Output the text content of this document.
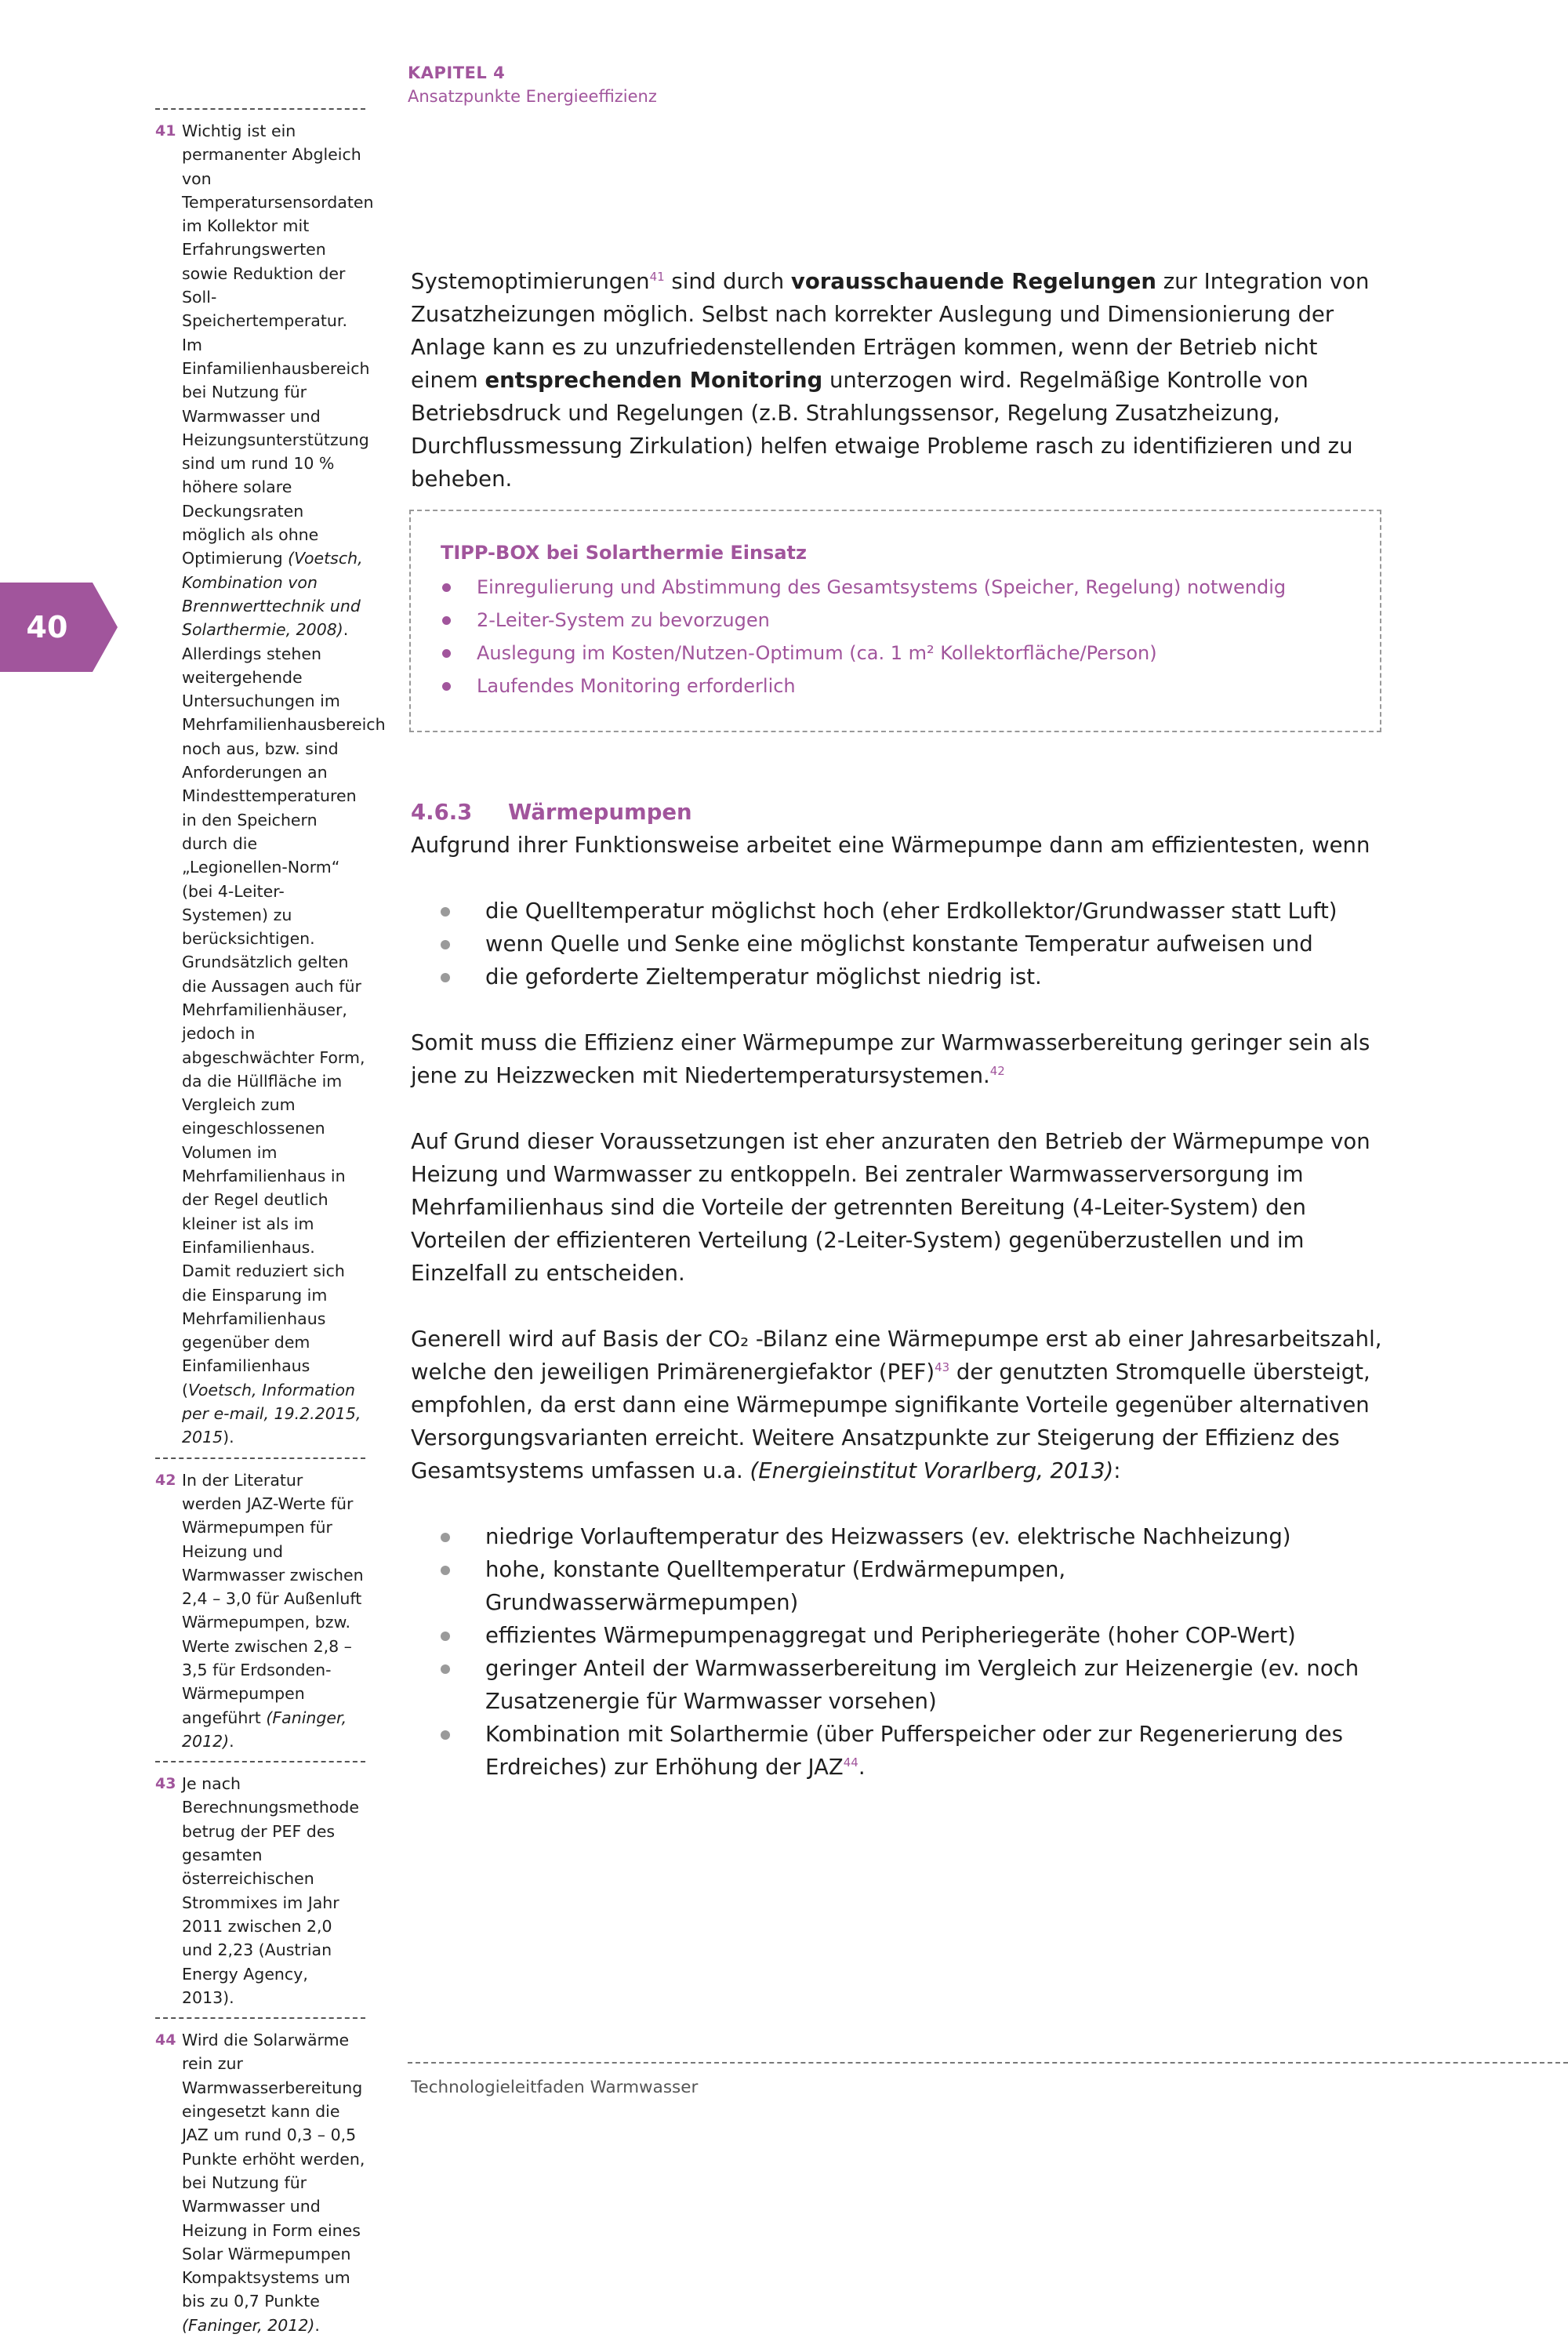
KAPITEL 4
Ansatzpunkte Energieeffizienz
40
41 Wichtig ist ein permanenter Abgleich von Temperatursensordaten im Kollektor mit Erfahrungswerten sowie Reduktion der Soll-Speichertemperatur. Im Einfamilienhausbereich bei Nutzung für Warmwasser und Heizungsunterstützung sind um rund 10 % höhere solare Deckungsraten möglich als ohne Optimierung (Voetsch, Kombination von Brennwerttechnik und Solarthermie, 2008). Allerdings stehen weitergehende Untersuchungen im Mehrfamilienhausbereich noch aus, bzw. sind Anforderungen an Mindesttemperaturen in den Speichern durch die „Legionellen-Norm“ (bei 4-Leiter-Systemen) zu berücksichtigen. Grundsätzlich gelten die Aussagen auch für Mehrfamilienhäuser, jedoch in abgeschwächter Form, da die Hüllfläche im Vergleich zum eingeschlossenen Volumen im Mehrfamilienhaus in der Regel deutlich kleiner ist als im Einfamilienhaus. Damit reduziert sich die Einsparung im Mehrfamilienhaus gegenüber dem Einfamilienhaus (Voetsch, Information per e-mail, 19.2.2015, 2015).
42 In der Literatur werden JAZ-Werte für Wärmepumpen für Heizung und Warmwasser zwischen 2,4 – 3,0 für Außenluft Wärmepumpen, bzw. Werte zwischen 2,8 – 3,5 für Erdsonden-Wärmepumpen angeführt (Faninger, 2012).
43 Je nach Berechnungsmethode betrug der PEF des gesamten österreichischen Strommixes im Jahr 2011 zwischen 2,0 und 2,23 (Austrian Energy Agency, 2013).
44 Wird die Solarwärme rein zur Warmwasserbereitung eingesetzt kann die JAZ um rund 0,3 – 0,5 Punkte erhöht werden, bei Nutzung für Warmwasser und Heizung in Form eines Solar Wärmepumpen Kompaktsystems um bis zu 0,7 Punkte (Faninger, 2012).

Systemoptimierungen$^{41}$ sind durch vorausschauende Regelungen zur Integration von Zusatzheizungen möglich. Selbst nach korrekter Auslegung und Dimensionierung der Anlage kann es zu unzufriedenstellenden Erträgen kommen, wenn der Betrieb nicht einem entsprechenden Monitoring unterzogen wird. Regelmäßige Kontrolle von Betriebsdruck und Regelungen (z.B. Strahlungssensor, Regelung Zusatzheizung, Durchflussmessung Zirkulation) helfen etwaige Probleme rasch zu identifizieren und zu beheben.

TIPP-BOX bei Solarthermie Einsatz
Einregulierung und Abstimmung des Gesamtsystems (Speicher, Regelung) notwendig
2-Leiter-System zu bevorzugen
Auslegung im Kosten/Nutzen-Optimum (ca. 1 m² Kollektorfläche/Person)
Laufendes Monitoring erforderlich
4.6.3 Wärmepumpen

Aufgrund ihrer Funktionsweise arbeitet eine Wärmepumpe dann am effizientesten, wenn

die Quelltemperatur möglichst hoch (eher Erdkollektor/Grundwasser statt Luft)
wenn Quelle und Senke eine möglichst konstante Temperatur aufweisen und
die geforderte Zieltemperatur möglichst niedrig ist.

Somit muss die Effizienz einer Wärmepumpe zur Warmwasserbereitung geringer sein als jene zu Heizzwecken mit Niedertemperatursystemen.$^{42}$

Auf Grund dieser Voraussetzungen ist eher anzuraten den Betrieb der Wärmepumpe von Heizung und Warmwasser zu entkoppeln. Bei zentraler Warmwasserversorgung im Mehrfamilienhaus sind die Vorteile der getrennten Bereitung (4-Leiter-System) den Vorteilen der effizienteren Verteilung (2-Leiter-System) gegenüberzustellen und im Einzelfall zu entscheiden.

Generell wird auf Basis der CO₂ -Bilanz eine Wärmepumpe erst ab einer Jahresarbeitszahl, welche den jeweiligen Primärenergiefaktor (PEF)$^{43}$ der genutzten Stromquelle übersteigt, empfohlen, da erst dann eine Wärmepumpe signifikante Vorteile gegenüber alternativen Versorgungsvarianten erreicht. Weitere Ansatzpunkte zur Steigerung der Effizienz des Gesamtsystems umfassen u.a. (Energieinstitut Vorarlberg, 2013):

niedrige Vorlauftemperatur des Heizwassers (ev. elektrische Nachheizung)
hohe, konstante Quelltemperatur (Erdwärmepumpen, Grundwasserwärmepumpen)
effizientes Wärmepumpenaggregat und Peripheriegeräte (hoher COP-Wert)
geringer Anteil der Warmwasserbereitung im Vergleich zur Heizenergie (ev. noch Zusatzenergie für Warmwasser vorsehen)
Kombination mit Solarthermie (über Pufferspeicher oder zur Regenerierung des Erdreiches) zur Erhöhung der JAZ$^{44}$.
Technologieleitfaden Warmwasser
